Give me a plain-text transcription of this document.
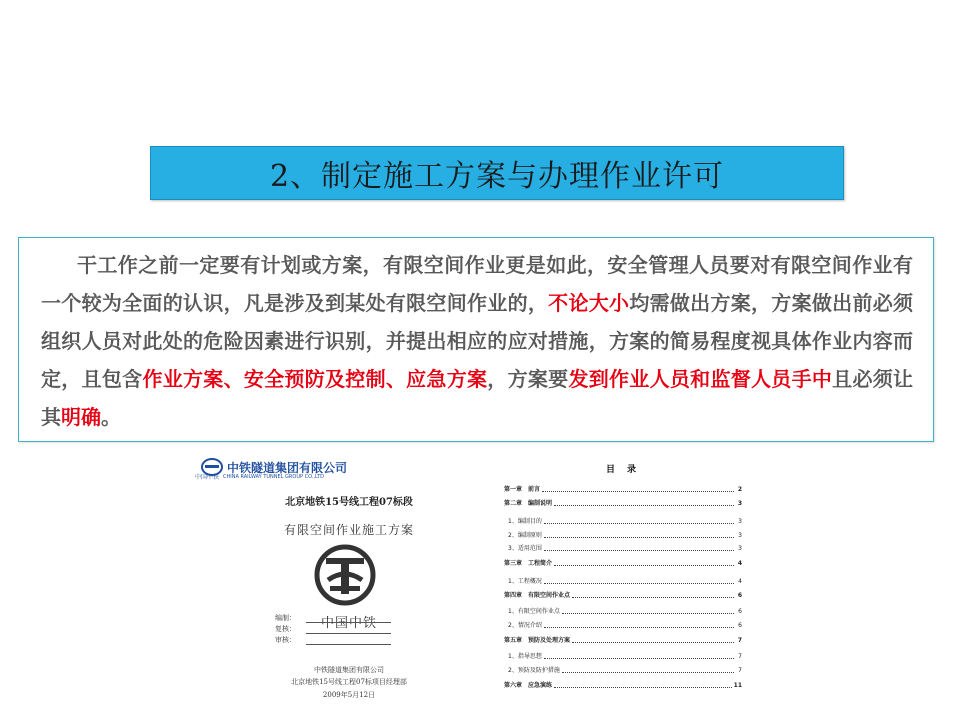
2、制定施工方案与办理作业许可

干工作之前一定要有计划或方案，有限空间作业更是如此，安全管理人员要对有限空间作业有一个较为全面的认识，凡是涉及到某处有限空间作业的，不论大小均需做出方案，方案做出前必须组织人员对此处的危险因素进行识别，并提出相应的应对措施，方案的简易程度视具体作业内容而定，且包含作业方案、安全预防及控制、应急方案，方案要发到作业人员和监督人员手中且必须让其明确。

中铁隧道集团有限公司
CHINA RAILWAY TUNNEL GROUP CO.,LTD
中国中铁
北京地铁15号线工程07标段
有限空间作业施工方案
中国中铁
编制：
复核：
审核：
中铁隧道集团有限公司
北京地铁15号线工程07标项目经理部
2009年5月12日
目录
第一章　前言	2
第二章　编制说明	3
1、编制目的	3
2、编制原则	3
3、适用范围	3
第三章　工程简介	4
1、工程概况	4
第四章　有限空间作业点	6
1、有限空间作业点	6
2、情况介绍	6
第五章　预防及处理方案	7
1、指导思想	7
2、预防及防护措施	7
第六章　应急演练	11
